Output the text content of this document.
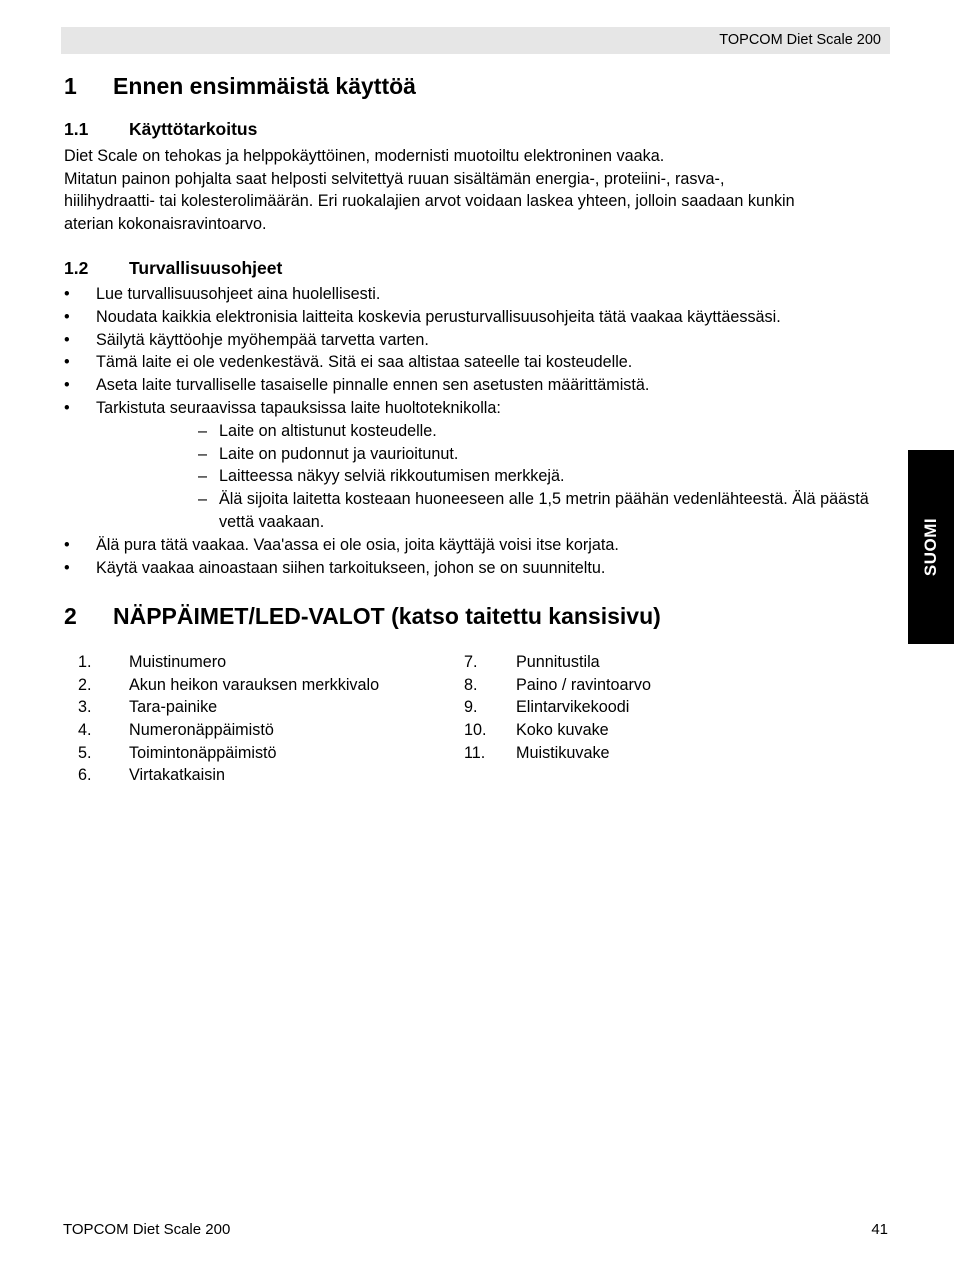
TOPCOM Diet Scale 200
1 Ennen ensimmäistä käyttöä
1.1 Käyttötarkoitus

Diet Scale on tehokas ja helppokäyttöinen, modernisti muotoiltu elektroninen vaaka.

Mitatun painon pohjalta saat helposti selvitettyä ruuan sisältämän energia-, proteiini-, rasva-,

hiilihydraatti- tai kolesterolimäärän. Eri ruokalajien arvot voidaan laskea yhteen, jolloin saadaan kunkin

aterian kokonaisravintoarvo.

1.2 Turvallisuusohjeet
• Lue turvallisuusohjeet aina huolellisesti.
• Noudata kaikkia elektronisia laitteita koskevia perusturvallisuusohjeita tätä vaakaa käyttäessäsi.
• Säilytä käyttöohje myöhempää tarvetta varten.
• Tämä laite ei ole vedenkestävä. Sitä ei saa altistaa sateelle tai kosteudelle.
• Aseta laite turvalliselle tasaiselle pinnalle ennen sen asetusten määrittämistä.
• Tarkistuta seuraavissa tapauksissa laite huoltoteknikolla:
– Laite on altistunut kosteudelle.
– Laite on pudonnut ja vaurioitunut.
– Laitteessa näkyy selviä rikkoutumisen merkkejä.
– Älä sijoita laitetta kosteaan huoneeseen alle 1,5 metrin päähän vedenlähteestä. Älä päästä vettä vaakaan.
• Älä pura tätä vaakaa. Vaa'assa ei ole osia, joita käyttäjä voisi itse korjata.
• Käytä vaakaa ainoastaan siihen tarkoitukseen, johon se on suunniteltu.
2 NÄPPÄIMET/LED-VALOT (katso taitettu kansisivu)
1. Muistinumero
2. Akun heikon varauksen merkkivalo
3. Tara-painike
4. Numeronäppäimistö
5. Toimintonäppäimistö
6. Virtakatkaisin
7. Punnitustila
8. Paino / ravintoarvo
9. Elintarvikekoodi
10. Koko kuvake
11. Muistikuvake
SUOMI
TOPCOM Diet Scale 200	41
